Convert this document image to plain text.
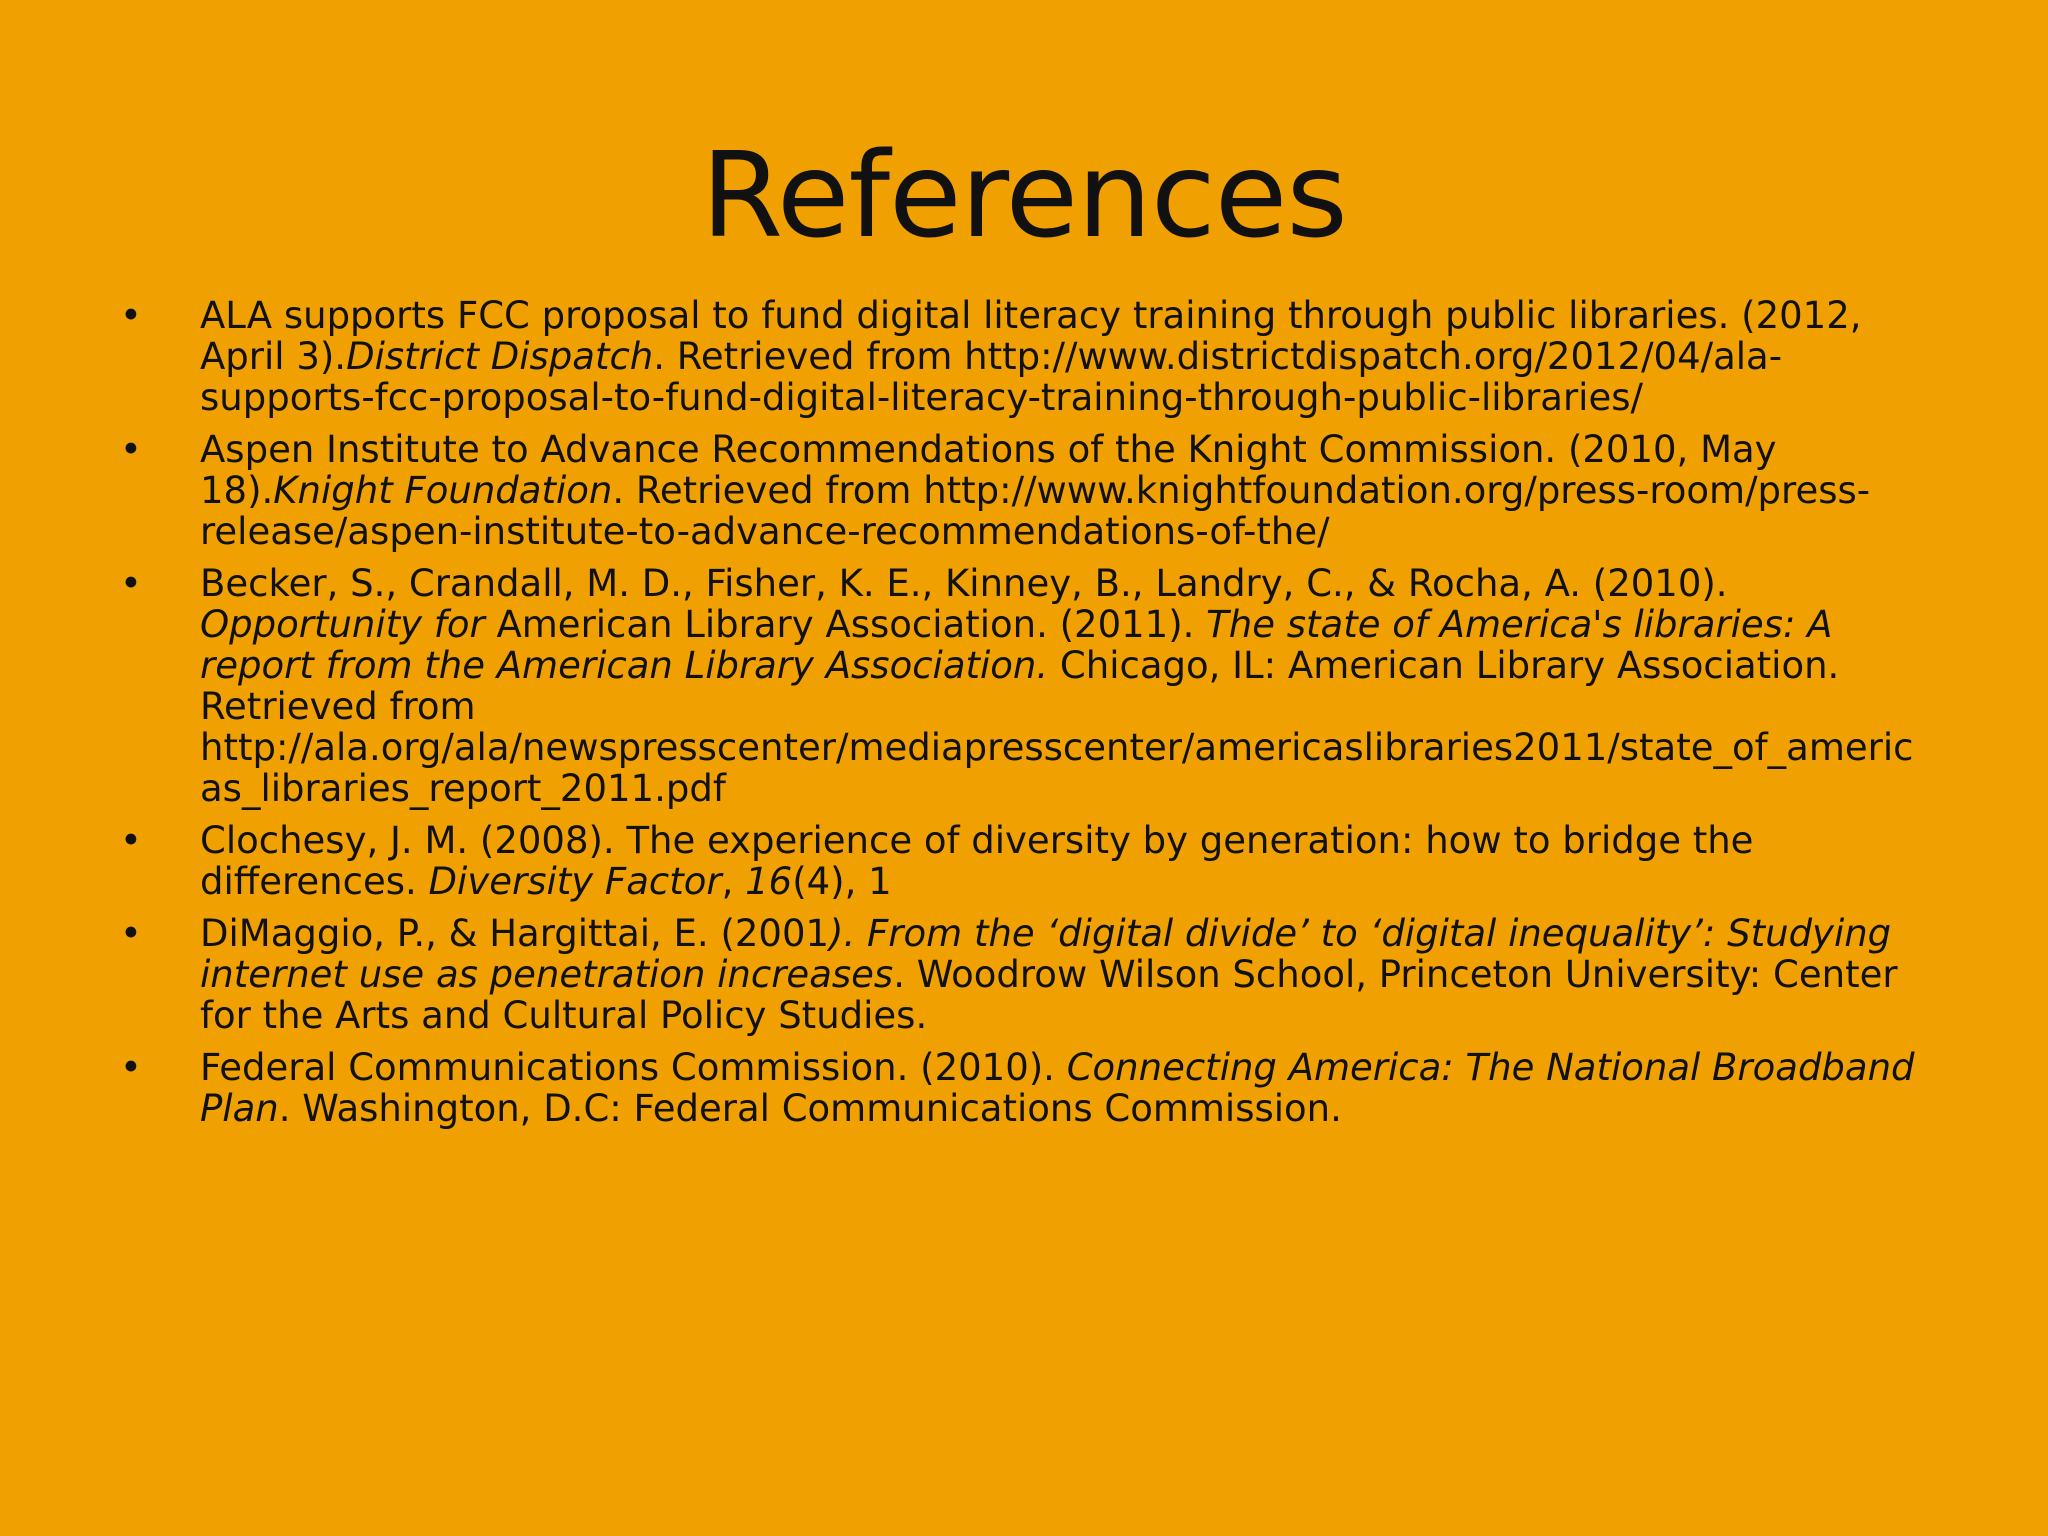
References
• ALA supports FCC proposal to fund digital literacy training through public libraries. (2012, April 3).District Dispatch. Retrieved from http://www.districtdispatch.org/2012/04/ala-supports-fcc-proposal-to-fund-digital-literacy-training-through-public-libraries/
• Aspen Institute to Advance Recommendations of the Knight Commission. (2010, May 18).Knight Foundation. Retrieved from http://www.knightfoundation.org/press-room/press-release/aspen-institute-to-advance-recommendations-of-the/
• Becker, S., Crandall, M. D., Fisher, K. E., Kinney, B., Landry, C., & Rocha, A. (2010). Opportunity for American Library Association. (2011). The state of America's libraries: A report from the American Library Association. Chicago, IL: American Library Association. Retrieved from http://ala.org/ala/newspresscenter/mediapresscenter/americaslibraries2011/state_of_americas_libraries_report_2011.pdf
• Clochesy, J. M. (2008). The experience of diversity by generation: how to bridge the differences. Diversity Factor, 16(4), 1
• DiMaggio, P., & Hargittai, E. (2001). From the ‘digital divide’ to ‘digital inequality’: Studying internet use as penetration increases. Woodrow Wilson School, Princeton University: Center for the Arts and Cultural Policy Studies.
• Federal Communications Commission. (2010). Connecting America: The National Broadband Plan. Washington, D.C: Federal Communications Commission.
